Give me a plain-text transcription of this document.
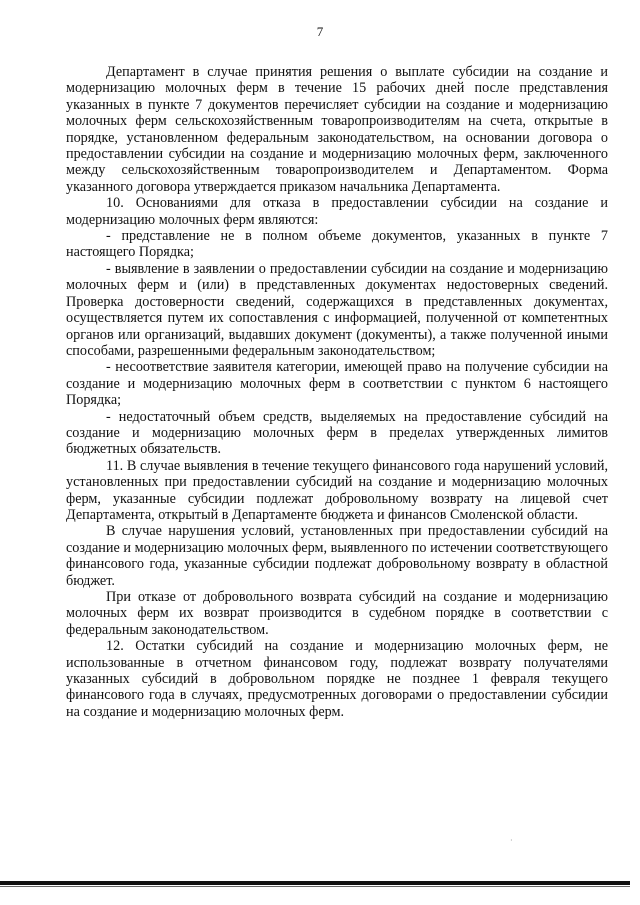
7

Департамент в случае принятия решения о выплате субсидии на создание и модернизацию молочных ферм в течение 15 рабочих дней после представления указанных в пункте 7 документов перечисляет субсидии на создание и модернизацию молочных ферм сельскохозяйственным товаропроизводителям на счета, открытые в порядке, установленном федеральным законодательством, на основании договора о предоставлении субсидии на создание и модернизацию молочных ферм, заключенного между сельскохозяйственным товаропроизводителем и Департаментом. Форма указанного договора утверждается приказом начальника Департамента.

10. Основаниями для отказа в предоставлении субсидии на создание и модернизацию молочных ферм являются:

- представление не в полном объеме документов, указанных в пункте 7 настоящего Порядка;

- выявление в заявлении о предоставлении субсидии на создание и модернизацию молочных ферм и (или) в представленных документах недостоверных сведений. Проверка достоверности сведений, содержащихся в представленных документах, осуществляется путем их сопоставления с информацией, полученной от компетентных органов или организаций, выдавших документ (документы), а также полученной иными способами, разрешенными федеральным законодательством;

- несоответствие заявителя категории, имеющей право на получение субсидии на создание и модернизацию молочных ферм в соответствии с пунктом 6 настоящего Порядка;

- недостаточный объем средств, выделяемых на предоставление субсидий на создание и модернизацию молочных ферм в пределах утвержденных лимитов бюджетных обязательств.

11. В случае выявления в течение текущего финансового года нарушений условий, установленных при предоставлении субсидий на создание и модернизацию молочных ферм, указанные субсидии подлежат добровольному возврату на лицевой счет Департамента, открытый в Департаменте бюджета и финансов Смоленской области.

В случае нарушения условий, установленных при предоставлении субсидий на создание и модернизацию молочных ферм, выявленного по истечении соответствующего финансового года, указанные субсидии подлежат добровольному возврату в областной бюджет.

При отказе от добровольного возврата субсидий на создание и модернизацию молочных ферм их возврат производится в судебном порядке в соответствии с федеральным законодательством.

12. Остатки субсидий на создание и модернизацию молочных ферм, не использованные в отчетном финансовом году, подлежат возврату получателями указанных субсидий в добровольном порядке не позднее 1 февраля текущего финансового года в случаях, предусмотренных договорами о предоставлении субсидии на создание и модернизацию молочных ферм.

·
